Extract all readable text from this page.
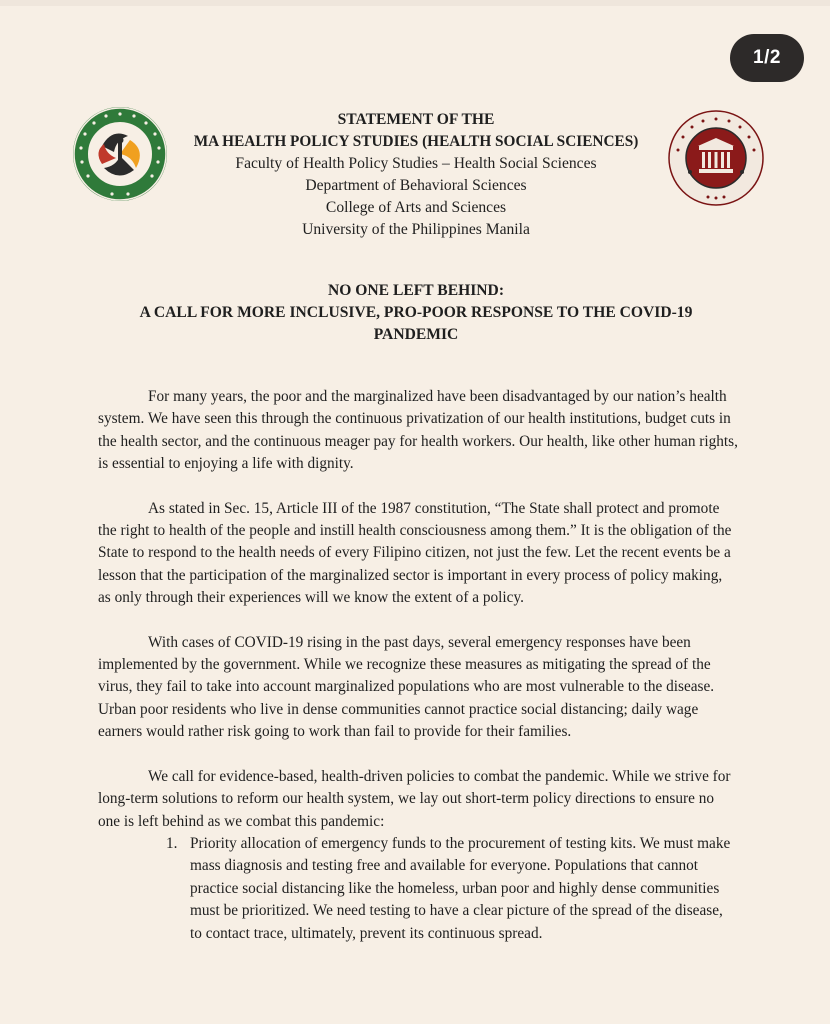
1/2
STATEMENT OF THE
MA HEALTH POLICY STUDIES (HEALTH SOCIAL SCIENCES)
Faculty of Health Policy Studies – Health Social Sciences
Department of Behavioral Sciences
College of Arts and Sciences
University of the Philippines Manila
NO ONE LEFT BEHIND:
A CALL FOR MORE INCLUSIVE, PRO-POOR RESPONSE TO THE COVID-19
PANDEMIC

For many years, the poor and the marginalized have been disadvantaged by our nation’s health system. We have seen this through the continuous privatization of our health institutions, budget cuts in the health sector, and the continuous meager pay for health workers. Our health, like other human rights, is essential to enjoying a life with dignity.

As stated in Sec. 15, Article III of the 1987 constitution, “The State shall protect and promote the right to health of the people and instill health consciousness among them.” It is the obligation of the State to respond to the health needs of every Filipino citizen, not just the few. Let the recent events be a lesson that the participation of the marginalized sector is important in every process of policy making, as only through their experiences will we know the extent of a policy.

With cases of COVID-19 rising in the past days, several emergency responses have been implemented by the government. While we recognize these measures as mitigating the spread of the virus, they fail to take into account marginalized populations who are most vulnerable to the disease. Urban poor residents who live in dense communities cannot practice social distancing; daily wage earners would rather risk going to work than fail to provide for their families.

We call for evidence-based, health-driven policies to combat the pandemic. While we strive for long-term solutions to reform our health system, we lay out short-term policy directions to ensure no one is left behind as we combat this pandemic:

1. Priority allocation of emergency funds to the procurement of testing kits. We must make mass diagnosis and testing free and available for everyone. Populations that cannot practice social distancing like the homeless, urban poor and highly dense communities must be prioritized. We need testing to have a clear picture of the spread of the disease, to contact trace, ultimately, prevent its continuous spread.
